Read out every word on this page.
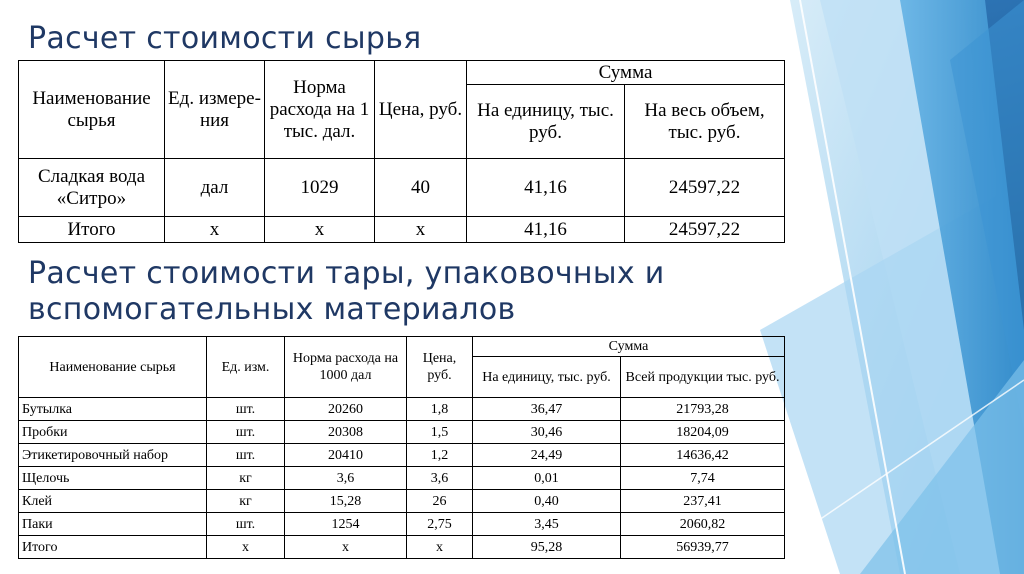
Расчет стоимости сырья
Наименование сырья	Ед. измере-ния	Норма расхода на 1 тыс. дал.	Цена, руб.	Сумма	
				На единицу, тыс. руб.	На весь объем, тыс. руб.
Сладкая вода «Ситро»	дал	1029	40	41,16	24597,22
Итого	х	х	х	41,16	24597,22
Расчет стоимости тары, упаковочных и вспомогательных материалов
Наименование сырья	Ед. изм.	Норма расхода на 1000 дал	Цена, руб.	Сумма	
				На единицу, тыс. руб.	Всей продукции тыс. руб.
Бутылка	шт.	20260	1,8	36,47	21793,28
Пробки	шт.	20308	1,5	30,46	18204,09
Этикетировочный набор	шт.	20410	1,2	24,49	14636,42
Щелочь	кг	3,6	3,6	0,01	7,74
Клей	кг	15,28	26	0,40	237,41
Паки	шт.	1254	2,75	3,45	2060,82
Итого	х	х	х	95,28	56939,77
